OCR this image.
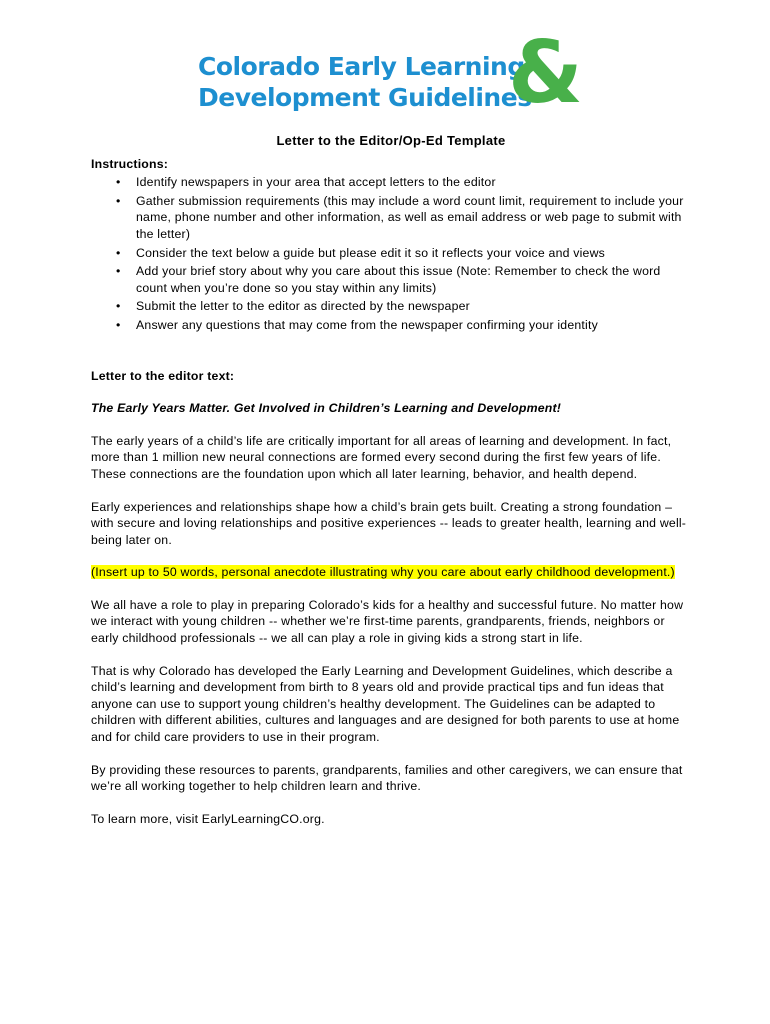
Colorado Early Learning
Development Guidelines
&
Letter to the Editor/Op-Ed Template
Instructions:
• Identify newspapers in your area that accept letters to the editor
• Gather submission requirements (this may include a word count limit, requirement to include your name, phone number and other information, as well as email address or web page to submit with the letter)
• Consider the text below a guide but please edit it so it reflects your voice and views
• Add your brief story about why you care about this issue (Note: Remember to check the word count when you’re done so you stay within any limits)
• Submit the letter to the editor as directed by the newspaper
• Answer any questions that may come from the newspaper confirming your identity
Letter to the editor text:
The Early Years Matter. Get Involved in Children’s Learning and Development!

The early years of a child’s life are critically important for all areas of learning and development. In fact, more than 1 million new neural connections are formed every second during the first few years of life. These connections are the foundation upon which all later learning, behavior, and health depend.

Early experiences and relationships shape how a child’s brain gets built. Creating a strong foundation – with secure and loving relationships and positive experiences -- leads to greater health, learning and well-being later on.

(Insert up to 50 words, personal anecdote illustrating why you care about early childhood development.)

We all have a role to play in preparing Colorado’s kids for a healthy and successful future. No matter how we interact with young children -- whether we’re first-time parents, grandparents, friends, neighbors or early childhood professionals -- we all can play a role in giving kids a strong start in life.

That is why Colorado has developed the Early Learning and Development Guidelines, which describe a child’s learning and development from birth to 8 years old and provide practical tips and fun ideas that anyone can use to support young children’s healthy development. The Guidelines can be adapted to children with different abilities, cultures and languages and are designed for both parents to use at home and for child care providers to use in their program.

By providing these resources to parents, grandparents, families and other caregivers, we can ensure that we’re all working together to help children learn and thrive.

To learn more, visit EarlyLearningCO.org.
